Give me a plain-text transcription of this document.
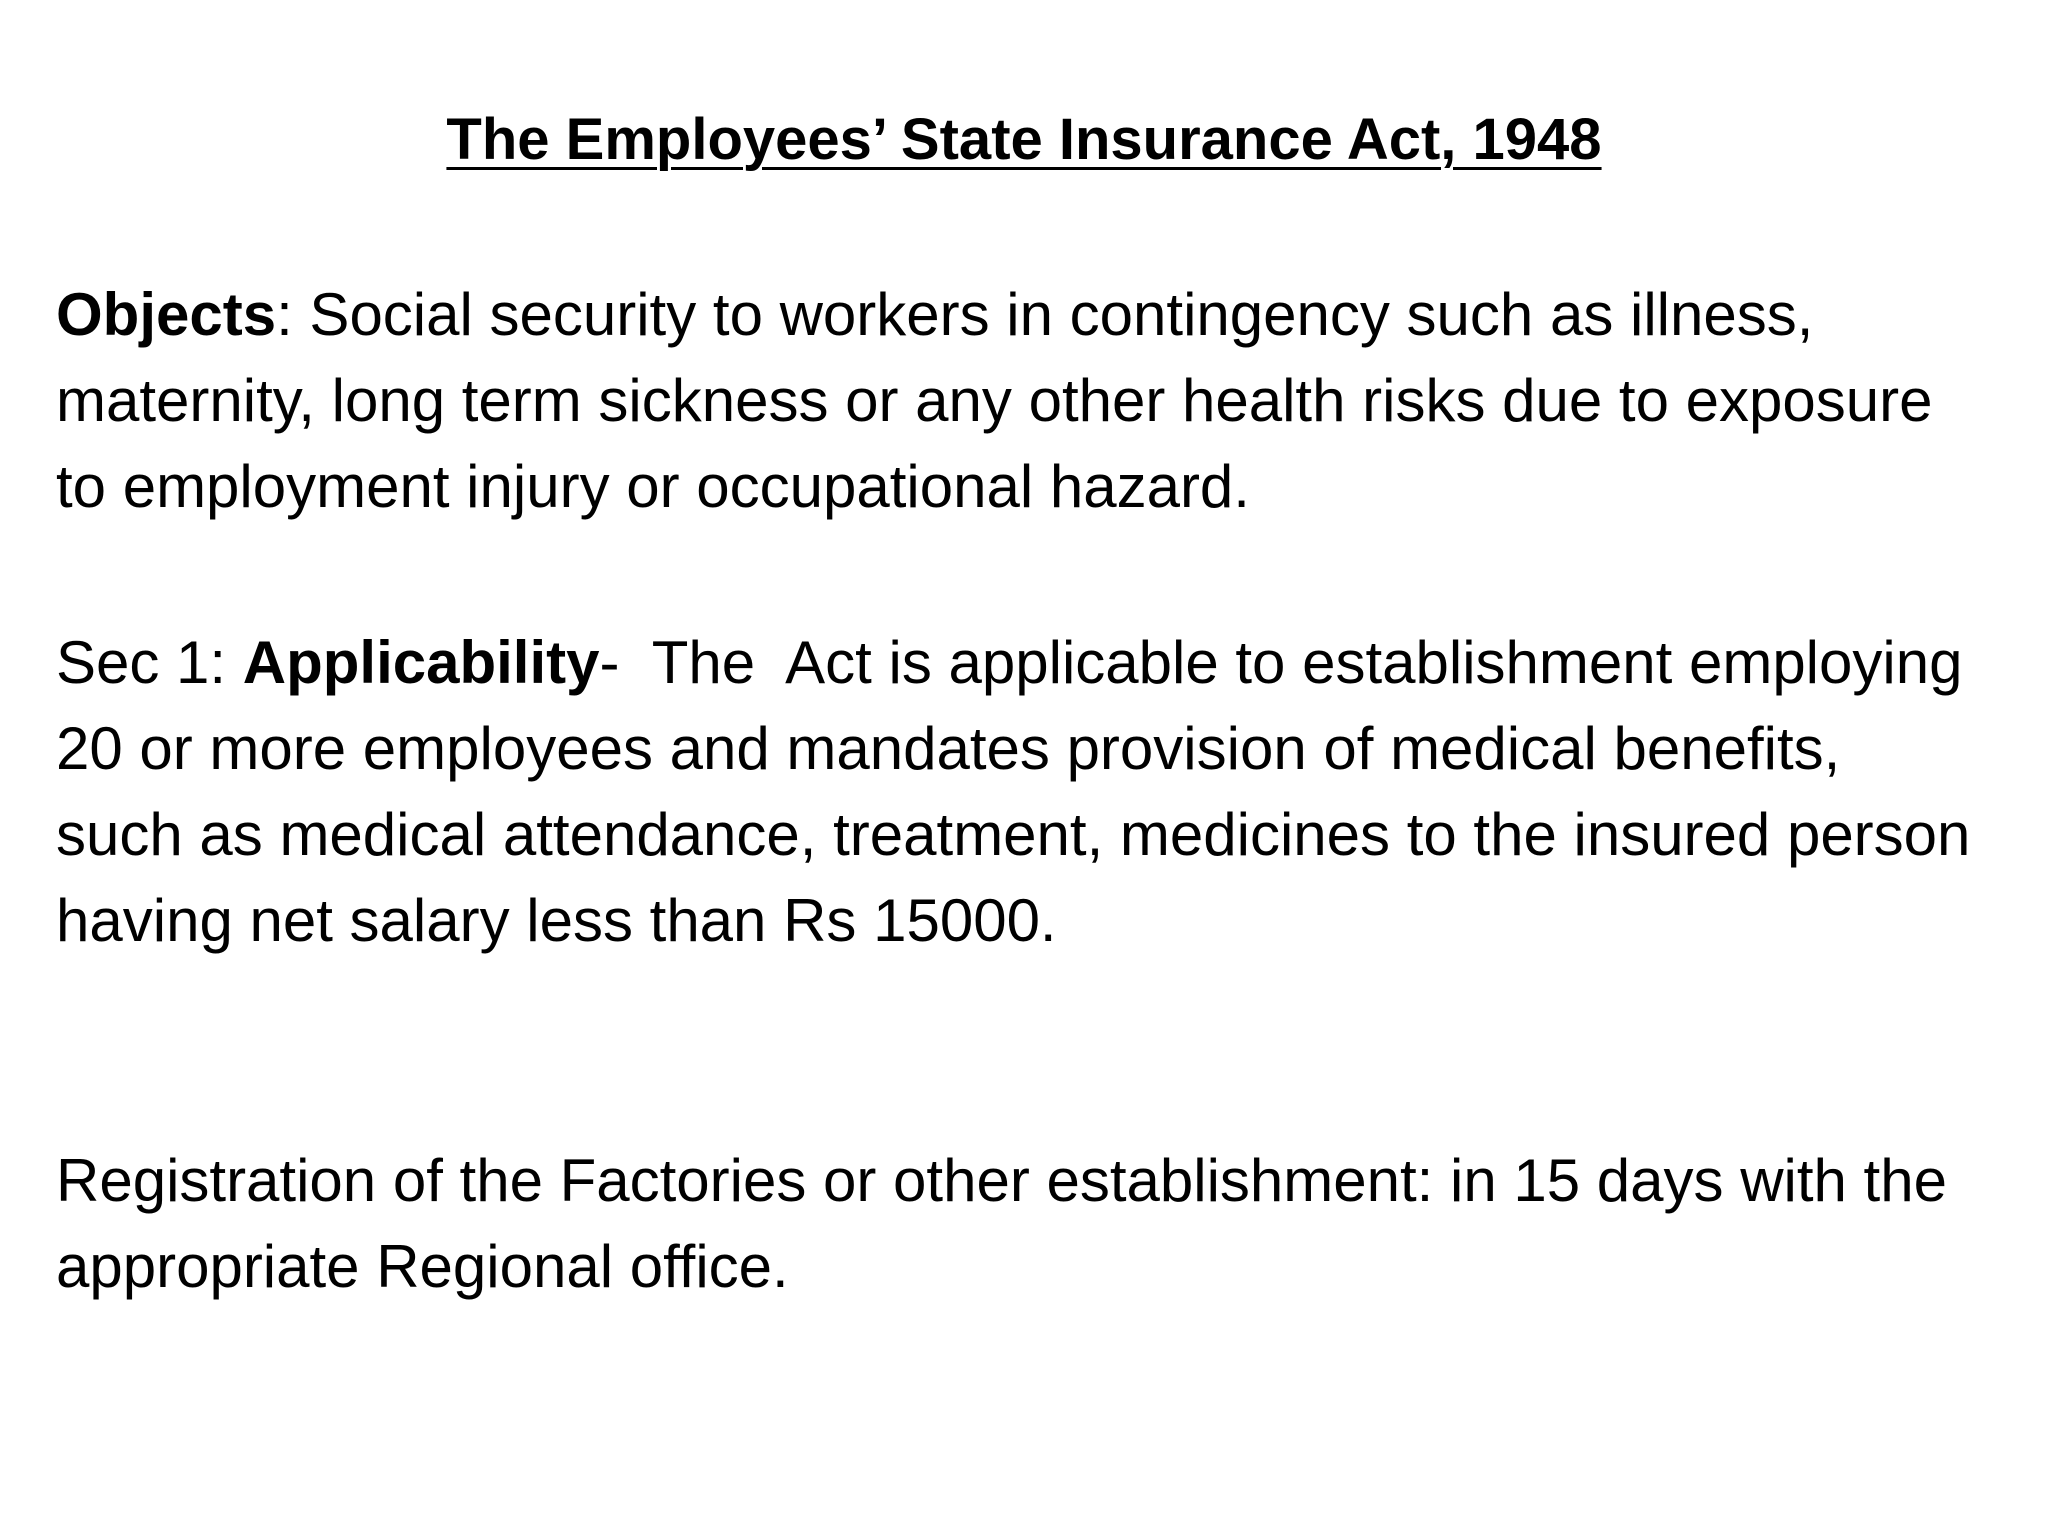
The Employees’ State Insurance Act, 1948

Objects: Social security to workers in contingency such as illness, maternity, long term sickness or any other health risks due to exposure to employment injury or occupational hazard.

Sec 1: Applicability-  The  Act is applicable to establishment employing 20 or more employees and mandates provision of medical benefits, such as medical attendance, treatment, medicines to the insured person having net salary less than Rs 15000.

Registration of the Factories or other establishment: in 15 days with the appropriate Regional office.
